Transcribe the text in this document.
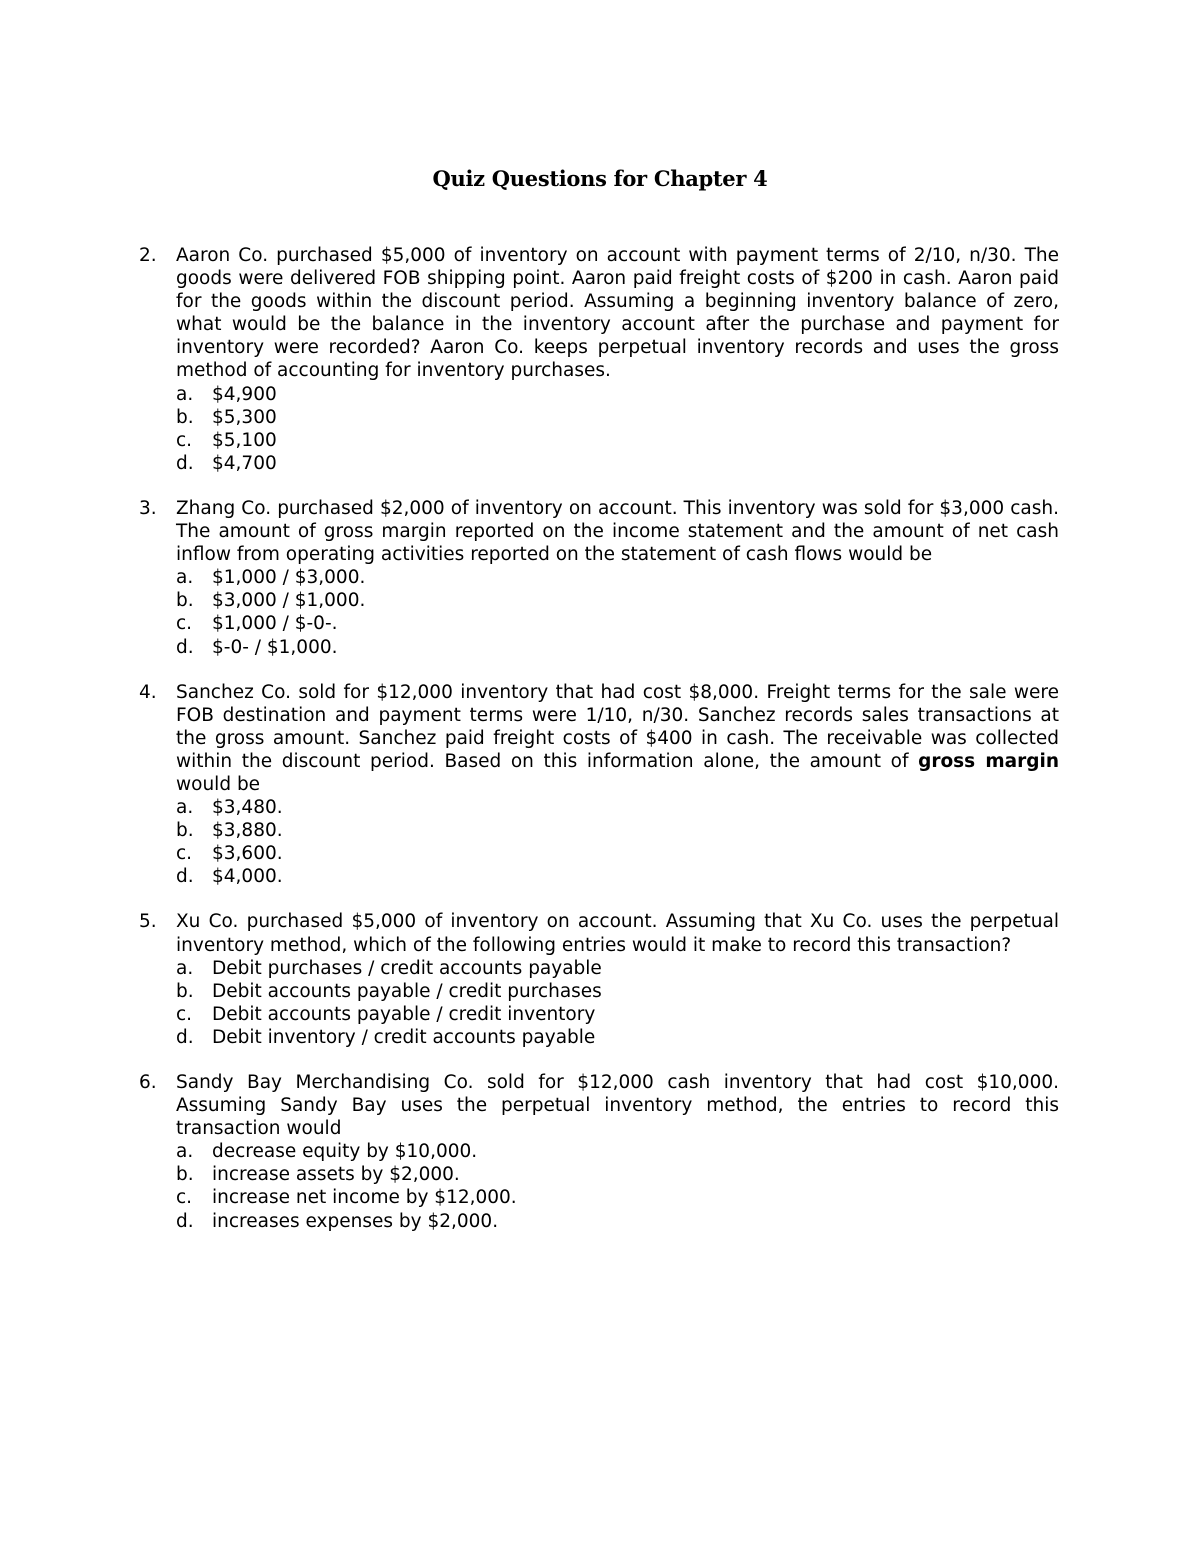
Quiz Questions for Chapter 4
2. Aaron Co. purchased $5,000 of inventory on account with payment terms of 2/10, n/30. The goods were delivered FOB shipping point. Aaron paid freight costs of $200 in cash. Aaron paid for the goods within the discount period. Assuming a beginning inventory balance of zero, what would be the balance in the inventory account after the purchase and payment for inventory were recorded? Aaron Co. keeps perpetual inventory records and uses the gross method of accounting for inventory purchases.
a. $4,900
b. $5,300
c. $5,100
d. $4,700
3. Zhang Co. purchased $2,000 of inventory on account. This inventory was sold for $3,000 cash. The amount of gross margin reported on the income statement and the amount of net cash inflow from operating activities reported on the statement of cash flows would be
a. $1,000 / $3,000.
b. $3,000 / $1,000.
c. $1,000 / $-0-.
d. $-0- / $1,000.
4. Sanchez Co. sold for $12,000 inventory that had cost $8,000. Freight terms for the sale were FOB destination and payment terms were 1/10, n/30. Sanchez records sales transactions at the gross amount. Sanchez paid freight costs of $400 in cash. The receivable was collected within the discount period. Based on this information alone, the amount of gross margin would be
a. $3,480.
b. $3,880.
c. $3,600.
d. $4,000.
5. Xu Co. purchased $5,000 of inventory on account. Assuming that Xu Co. uses the perpetual inventory method, which of the following entries would it make to record this transaction?
a. Debit purchases / credit accounts payable
b. Debit accounts payable / credit purchases
c. Debit accounts payable / credit inventory
d. Debit inventory / credit accounts payable
6. Sandy Bay Merchandising Co. sold for $12,000 cash inventory that had cost $10,000. Assuming Sandy Bay uses the perpetual inventory method, the entries to record this transaction would
a. decrease equity by $10,000.
b. increase assets by $2,000.
c. increase net income by $12,000.
d. increases expenses by $2,000.
